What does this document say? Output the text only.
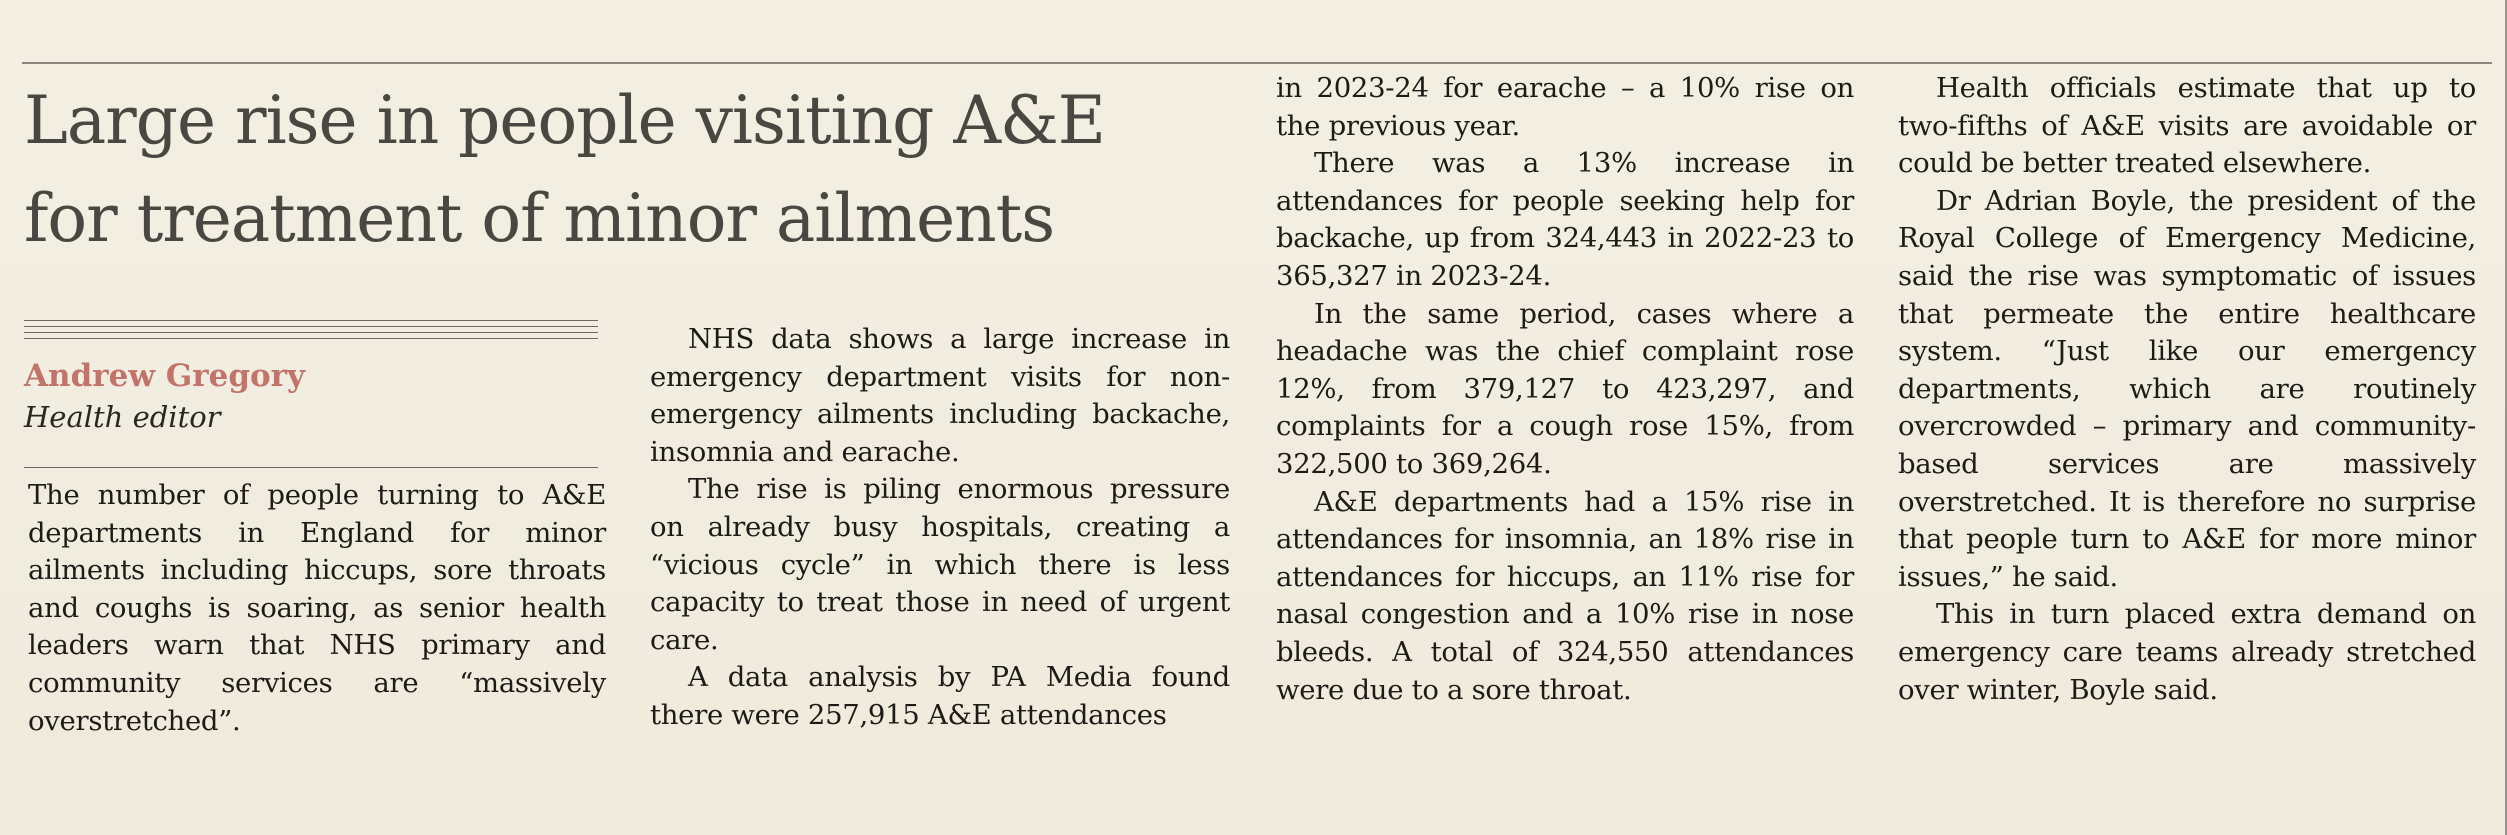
Large rise in people visiting A&E
for treatment of minor ailments
Andrew Gregory
Health editor

The number of people turning to A&E departments in England for minor ailments including hiccups, sore throats and coughs is soaring, as senior health leaders warn that NHS primary and community services are “massively overstretched”.

NHS data shows a large increase in emergency department visits for non-emergency ailments including backache, insomnia and earache.

The rise is piling enormous pressure on already busy hospitals, creating a “vicious cycle” in which there is less capacity to treat those in need of urgent care.

A data analysis by PA Media found there were 257,915 A&E attendances

in 2023-24 for earache – a 10% rise on the previous year.

There was a 13% increase in attendances for people seeking help for backache, up from 324,443 in 2022-23 to 365,327 in 2023-24.

In the same period, cases where a headache was the chief complaint rose 12%, from 379,127 to 423,297, and complaints for a cough rose 15%, from 322,500 to 369,264.

A&E departments had a 15% rise in attendances for insomnia, an 18% rise in attendances for hiccups, an 11% rise for nasal congestion and a 10% rise in nose bleeds. A total of 324,550 attendances were due to a sore throat.

Health officials estimate that up to two-fifths of A&E visits are avoidable or could be better treated elsewhere.

Dr Adrian Boyle, the president of the Royal College of Emergency Medicine, said the rise was symptomatic of issues that permeate the entire healthcare system. “Just like our emergency departments, which are routinely overcrowded – primary and community-based services are massively overstretched. It is therefore no surprise that people turn to A&E for more minor issues,” he said.

This in turn placed extra demand on emergency care teams already stretched over winter, Boyle said.
